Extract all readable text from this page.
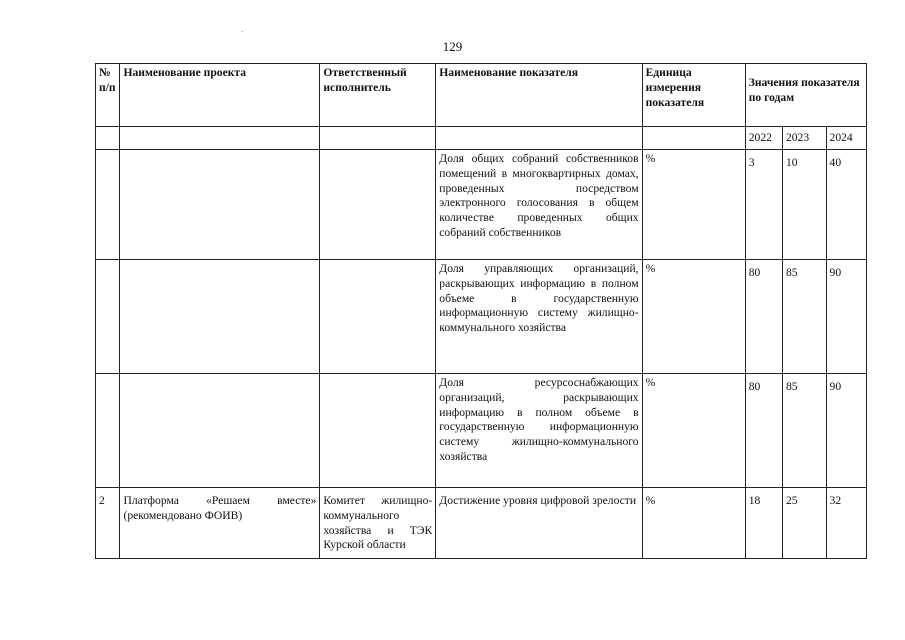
129
№ п/п	Наименование проекта	Ответственный исполнитель	Наименование показателя	Единица измерения показателя	Значения показателя по годам		
					2022	2023	2024
			Доля общих собраний собственников помещений в многоквартирных домах, проведенных посредством электронного голосования в общем количестве проведенных общих собраний собственников	%	3	10	40
			Доля управляющих организаций, раскрывающих информацию в полном объеме в государственную информационную систему жилищно-коммунального хозяйства	%	80	85	90
			Доля ресурсоснабжающих организаций, раскрывающих информацию в полном объеме в государственную информационную систему жилищно-коммунального хозяйства	%	80	85	90
2	Платформа «Решаем вместе» (рекомендовано ФОИВ)	Комитет жилищно-коммунального хозяйства и ТЭК Курской области	Достижение уровня цифровой зрелости	%	18	25	32
